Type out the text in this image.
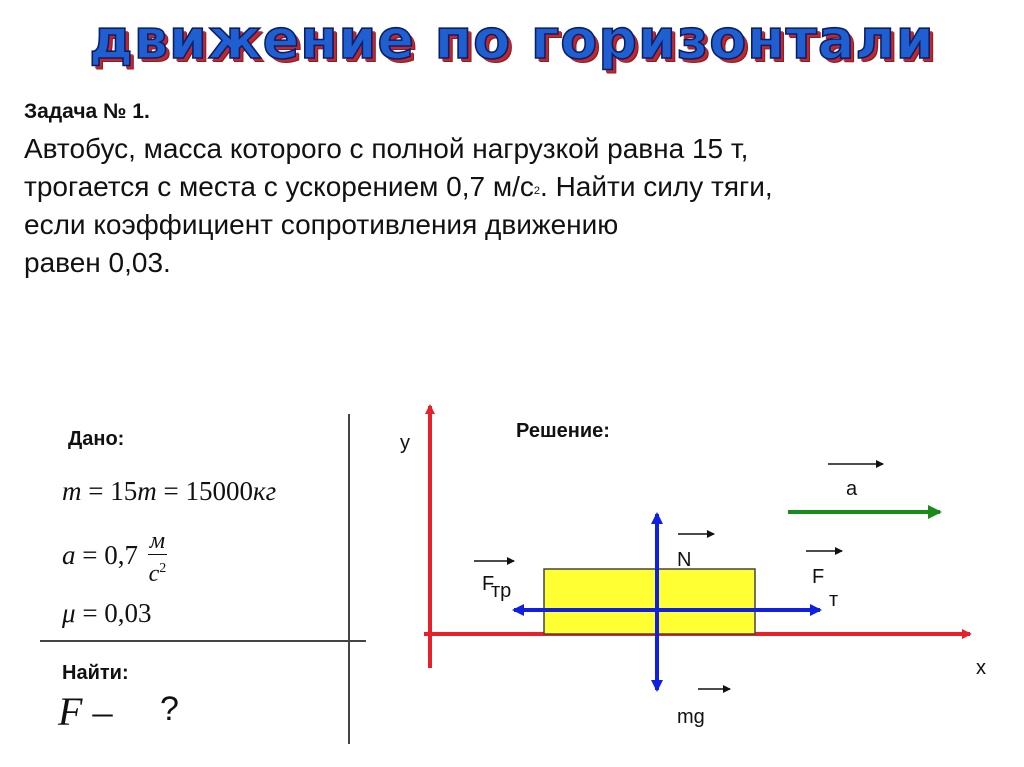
движение по горизонтали
Задача № 1.
Автобус, масса которого с полной нагрузкой равна 15 т,
трогается с места с ускорением 0,7 $м/с^2$. Найти силу тяги,
если коэффициент сопротивления движению
равен 0,03.
Дано:
m = 15т = 15000кг
$a = 0,7 \frac{м}{с^2}$
μ = 0,03
Найти:
F – ?
Решение:
y
x
a
N
F
т
F
тр
mg
